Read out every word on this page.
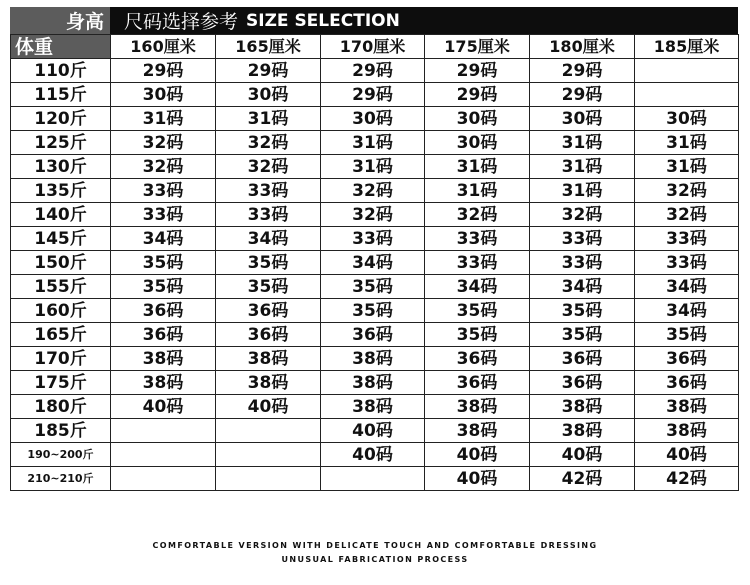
身高	尺码选择参考 SIZE SELECTION
体重	160厘米	165厘米	170厘米	175厘米	180厘米	185厘米
110斤	29码	29码	29码	29码	29码	
115斤	30码	30码	29码	29码	29码	
120斤	31码	31码	30码	30码	30码	30码
125斤	32码	32码	31码	30码	31码	31码
130斤	32码	32码	31码	31码	31码	31码
135斤	33码	33码	32码	31码	31码	32码
140斤	33码	33码	32码	32码	32码	32码
145斤	34码	34码	33码	33码	33码	33码
150斤	35码	35码	34码	33码	33码	33码
155斤	35码	35码	35码	34码	34码	34码
160斤	36码	36码	35码	35码	35码	34码
165斤	36码	36码	36码	35码	35码	35码
170斤	38码	38码	38码	36码	36码	36码
175斤	38码	38码	38码	36码	36码	36码
180斤	40码	40码	38码	38码	38码	38码
185斤			40码	38码	38码	38码
190~200斤			40码	40码	40码	40码
210~210斤				40码	42码	42码
COMFORTABLE VERSION WITH DELICATE TOUCH AND COMFORTABLE DRESSING
UNUSUAL FABRICATION PROCESS
